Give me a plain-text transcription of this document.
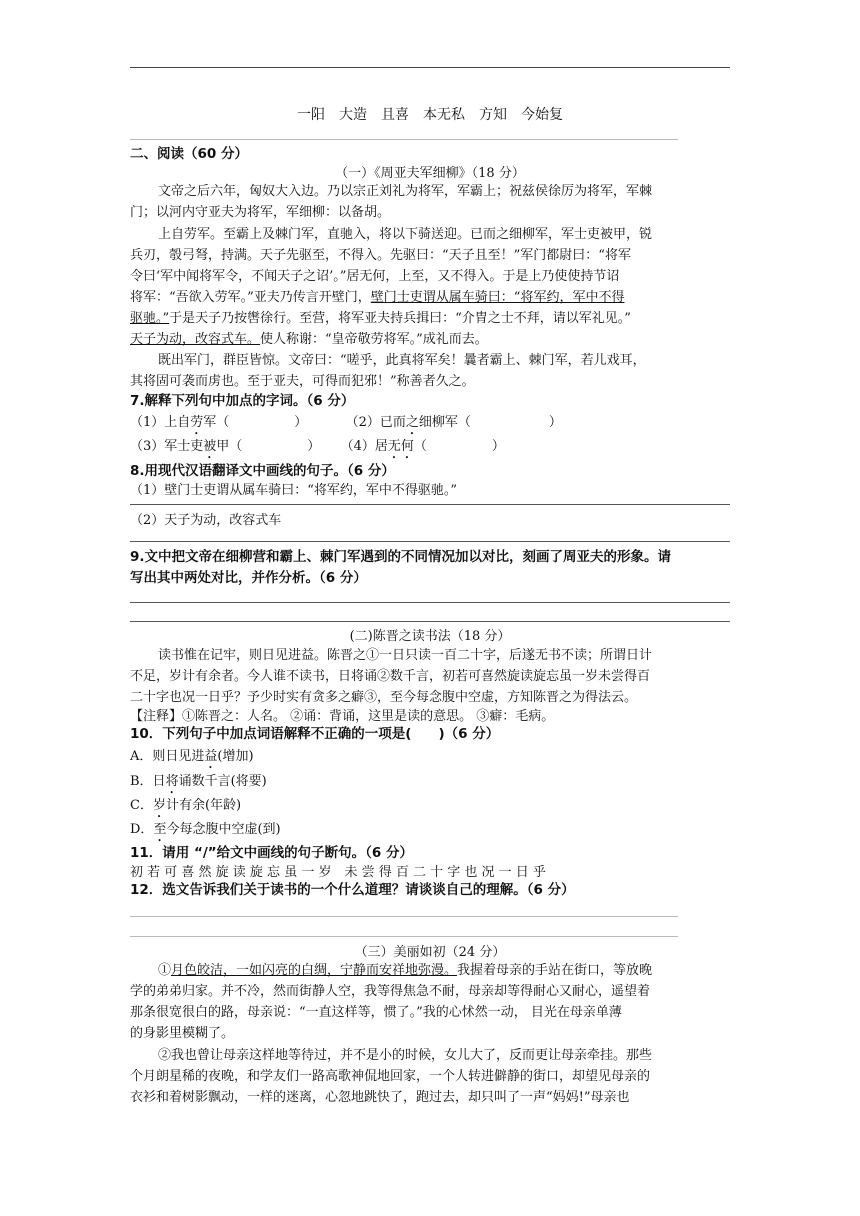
一阳　大造　且喜　本无私　方知　今始复
二、阅读（60 分）
（一）《周亚夫军细柳》（18 分）
文帝之后六年，匈奴大入边。乃以宗正刘礼为将军，军霸上；祝兹侯徐厉为将军，军棘
门；以河内守亚夫为将军，军细柳：以备胡。
上自劳军。至霸上及棘门军，直驰入，将以下骑送迎。已而之细柳军，军士吏被甲，锐
兵刃，彀弓弩，持满。天子先驱至，不得入。先驱曰：“天子且至！”军门都尉曰：“将军
令曰‘军中闻将军令，不闻天子之诏’。”居无何，上至，又不得入。于是上乃使使持节诏
将军：“吾欲入劳军。”亚夫乃传言开壁门，壁门士吏谓从属车骑曰：“将军约，军中不得
驱驰。”于是天子乃按辔徐行。至营，将军亚夫持兵揖曰：“介胄之士不拜，请以军礼见。”
天子为动，改容式车。使人称谢：“皇帝敬劳将军。”成礼而去。
既出军门，群臣皆惊。文帝曰：“嗟乎，此真将军矣！曩者霸上、棘门军，若儿戏耳，
其将固可袭而虏也。至于亚夫，可得而犯邪！”称善者久之。
7.解释下列句中加点的字词。（6 分）
（1）上自劳军（　　　　　）	（2）已而之细柳军（　　　　　　）
（3）军士吏被甲（　　　　　） （4）居无何（　　　　　）
8.用现代汉语翻译文中画线的句子。（6 分）
（1）壁门士吏谓从属车骑曰：“将军约，军中不得驱驰。”
（2）天子为动，改容式车
9.文中把文帝在细柳营和霸上、棘门军遇到的不同情况加以对比，刻画了周亚夫的形象。请
写出其中两处对比，并作分析。（6 分）
(二)陈晋之读书法（18 分）
读书惟在记牢，则日见进益。陈晋之①一日只读一百二十字，后遂无书不读；所谓日计
不足，岁计有余者。今人谁不读书，日将诵②数千言，初若可喜然旋读旋忘虽一岁未尝得百
二十字也况一日乎？予少时实有贪多之癖③，至今每念腹中空虚，方知陈晋之为得法云。
【注释】①陈晋之：人名。 ②诵：背诵，这里是读的意思。 ③癖：毛病。
10．下列句子中加点词语解释不正确的一项是(　　)（6 分）
A．则日见进益(增加)
B．日将诵数千言(将要)
C．岁计有余(年龄)
D．至今每念腹中空虚(到)
11．请用 “/”给文中画线的句子断句。（6 分）
初 若 可 喜 然 旋 读 旋 忘 虽 一 岁　未 尝 得 百 二 十 字 也 况 一 日 乎
12．选文告诉我们关于读书的一个什么道理？请谈谈自己的理解。（6 分）
（三）美丽如初（24 分）
①月色皎洁，一如闪亮的白绸，宁静而安祥地弥漫。我握着母亲的手站在街口，等放晚
学的弟弟归家。并不冷，然而街静人空，我等得焦急不耐，母亲却等得耐心又耐心，遥望着
那条很宽很白的路，母亲说：“一直这样等，惯了。”我的心怵然一动， 目光在母亲单薄
的身影里模糊了。
②我也曾让母亲这样地等待过，并不是小的时候，女儿大了，反而更让母亲牵挂。那些
个月朗星稀的夜晚，和学友们一路高歌神侃地回家，一个人转进僻静的街口，却望见母亲的
衣衫和着树影飘动，一样的迷离，心忽地跳快了，跑过去，却只叫了一声“妈妈!”母亲也
